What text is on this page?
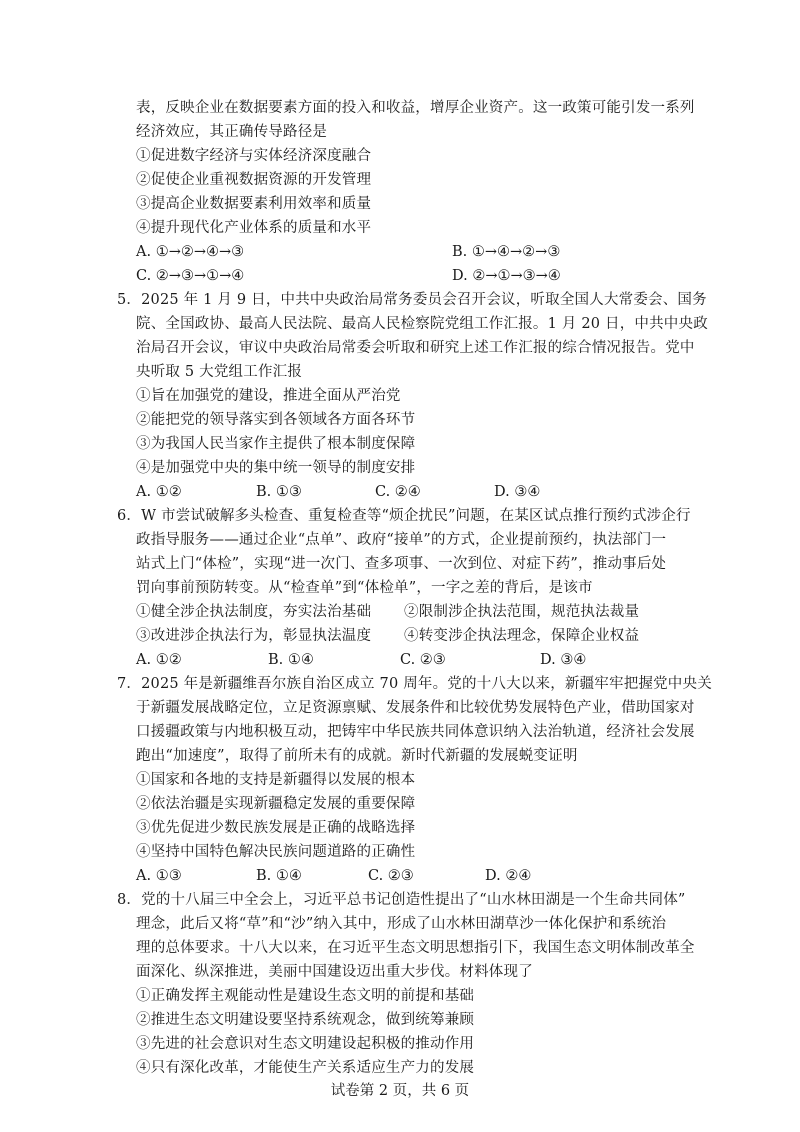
表，反映企业在数据要素方面的投入和收益，增厚企业资产。这一政策可能引发一系列
经济效应，其正确传导路径是
①促进数字经济与实体经济深度融合
②促使企业重视数据资源的开发管理
③提高企业数据要素利用效率和质量
④提升现代化产业体系的质量和水平
A. ①→②→④→③	B. ①→④→②→③
C. ②→③→①→④	D. ②→①→③→④
5．2025 年 1 月 9 日，中共中央政治局常务委员会召开会议，听取全国人大常委会、国务
院、全国政协、最高人民法院、最高人民检察院党组工作汇报。1 月 20 日，中共中央政
治局召开会议，审议中央政治局常委会听取和研究上述工作汇报的综合情况报告。党中
央听取 5 大党组工作汇报
①旨在加强党的建设，推进全面从严治党
②能把党的领导落实到各领域各方面各环节
③为我国人民当家作主提供了根本制度保障
④是加强党中央的集中统一领导的制度安排
A. ①②	B. ①③	C. ②④	D. ③④
6．W 市尝试破解多头检查、重复检查等“烦企扰民”问题，在某区试点推行预约式涉企行
政指导服务——通过企业“点单”、政府“接单”的方式，企业提前预约，执法部门一
站式上门“体检”，实现“进一次门、查多项事、一次到位、对症下药”，推动事后处
罚向事前预防转变。从“检查单”到“体检单”，一字之差的背后，是该市
①健全涉企执法制度，夯实法治基础 ②限制涉企执法范围，规范执法裁量
③改进涉企执法行为，彰显执法温度 ④转变涉企执法理念，保障企业权益
A. ①②	B. ①④	C. ②③	D. ③④
7．2025 年是新疆维吾尔族自治区成立 70 周年。党的十八大以来，新疆牢牢把握党中央关
于新疆发展战略定位，立足资源禀赋、发展条件和比较优势发展特色产业，借助国家对
口援疆政策与内地积极互动，把铸牢中华民族共同体意识纳入法治轨道，经济社会发展
跑出“加速度”，取得了前所未有的成就。新时代新疆的发展蜕变证明
①国家和各地的支持是新疆得以发展的根本
②依法治疆是实现新疆稳定发展的重要保障
③优先促进少数民族发展是正确的战略选择
④坚持中国特色解决民族问题道路的正确性
A. ①③	B. ①④	C. ②③	D. ②④
8．党的十八届三中全会上，习近平总书记创造性提出了“山水林田湖是一个生命共同体”
理念，此后又将“草”和“沙”纳入其中，形成了山水林田湖草沙一体化保护和系统治
理的总体要求。十八大以来，在习近平生态文明思想指引下，我国生态文明体制改革全
面深化、纵深推进，美丽中国建设迈出重大步伐。材料体现了
①正确发挥主观能动性是建设生态文明的前提和基础
②推进生态文明建设要坚持系统观念，做到统筹兼顾
③先进的社会意识对生态文明建设起积极的推动作用
④只有深化改革，才能使生产关系适应生产力的发展
试卷第 2 页，共 6 页
